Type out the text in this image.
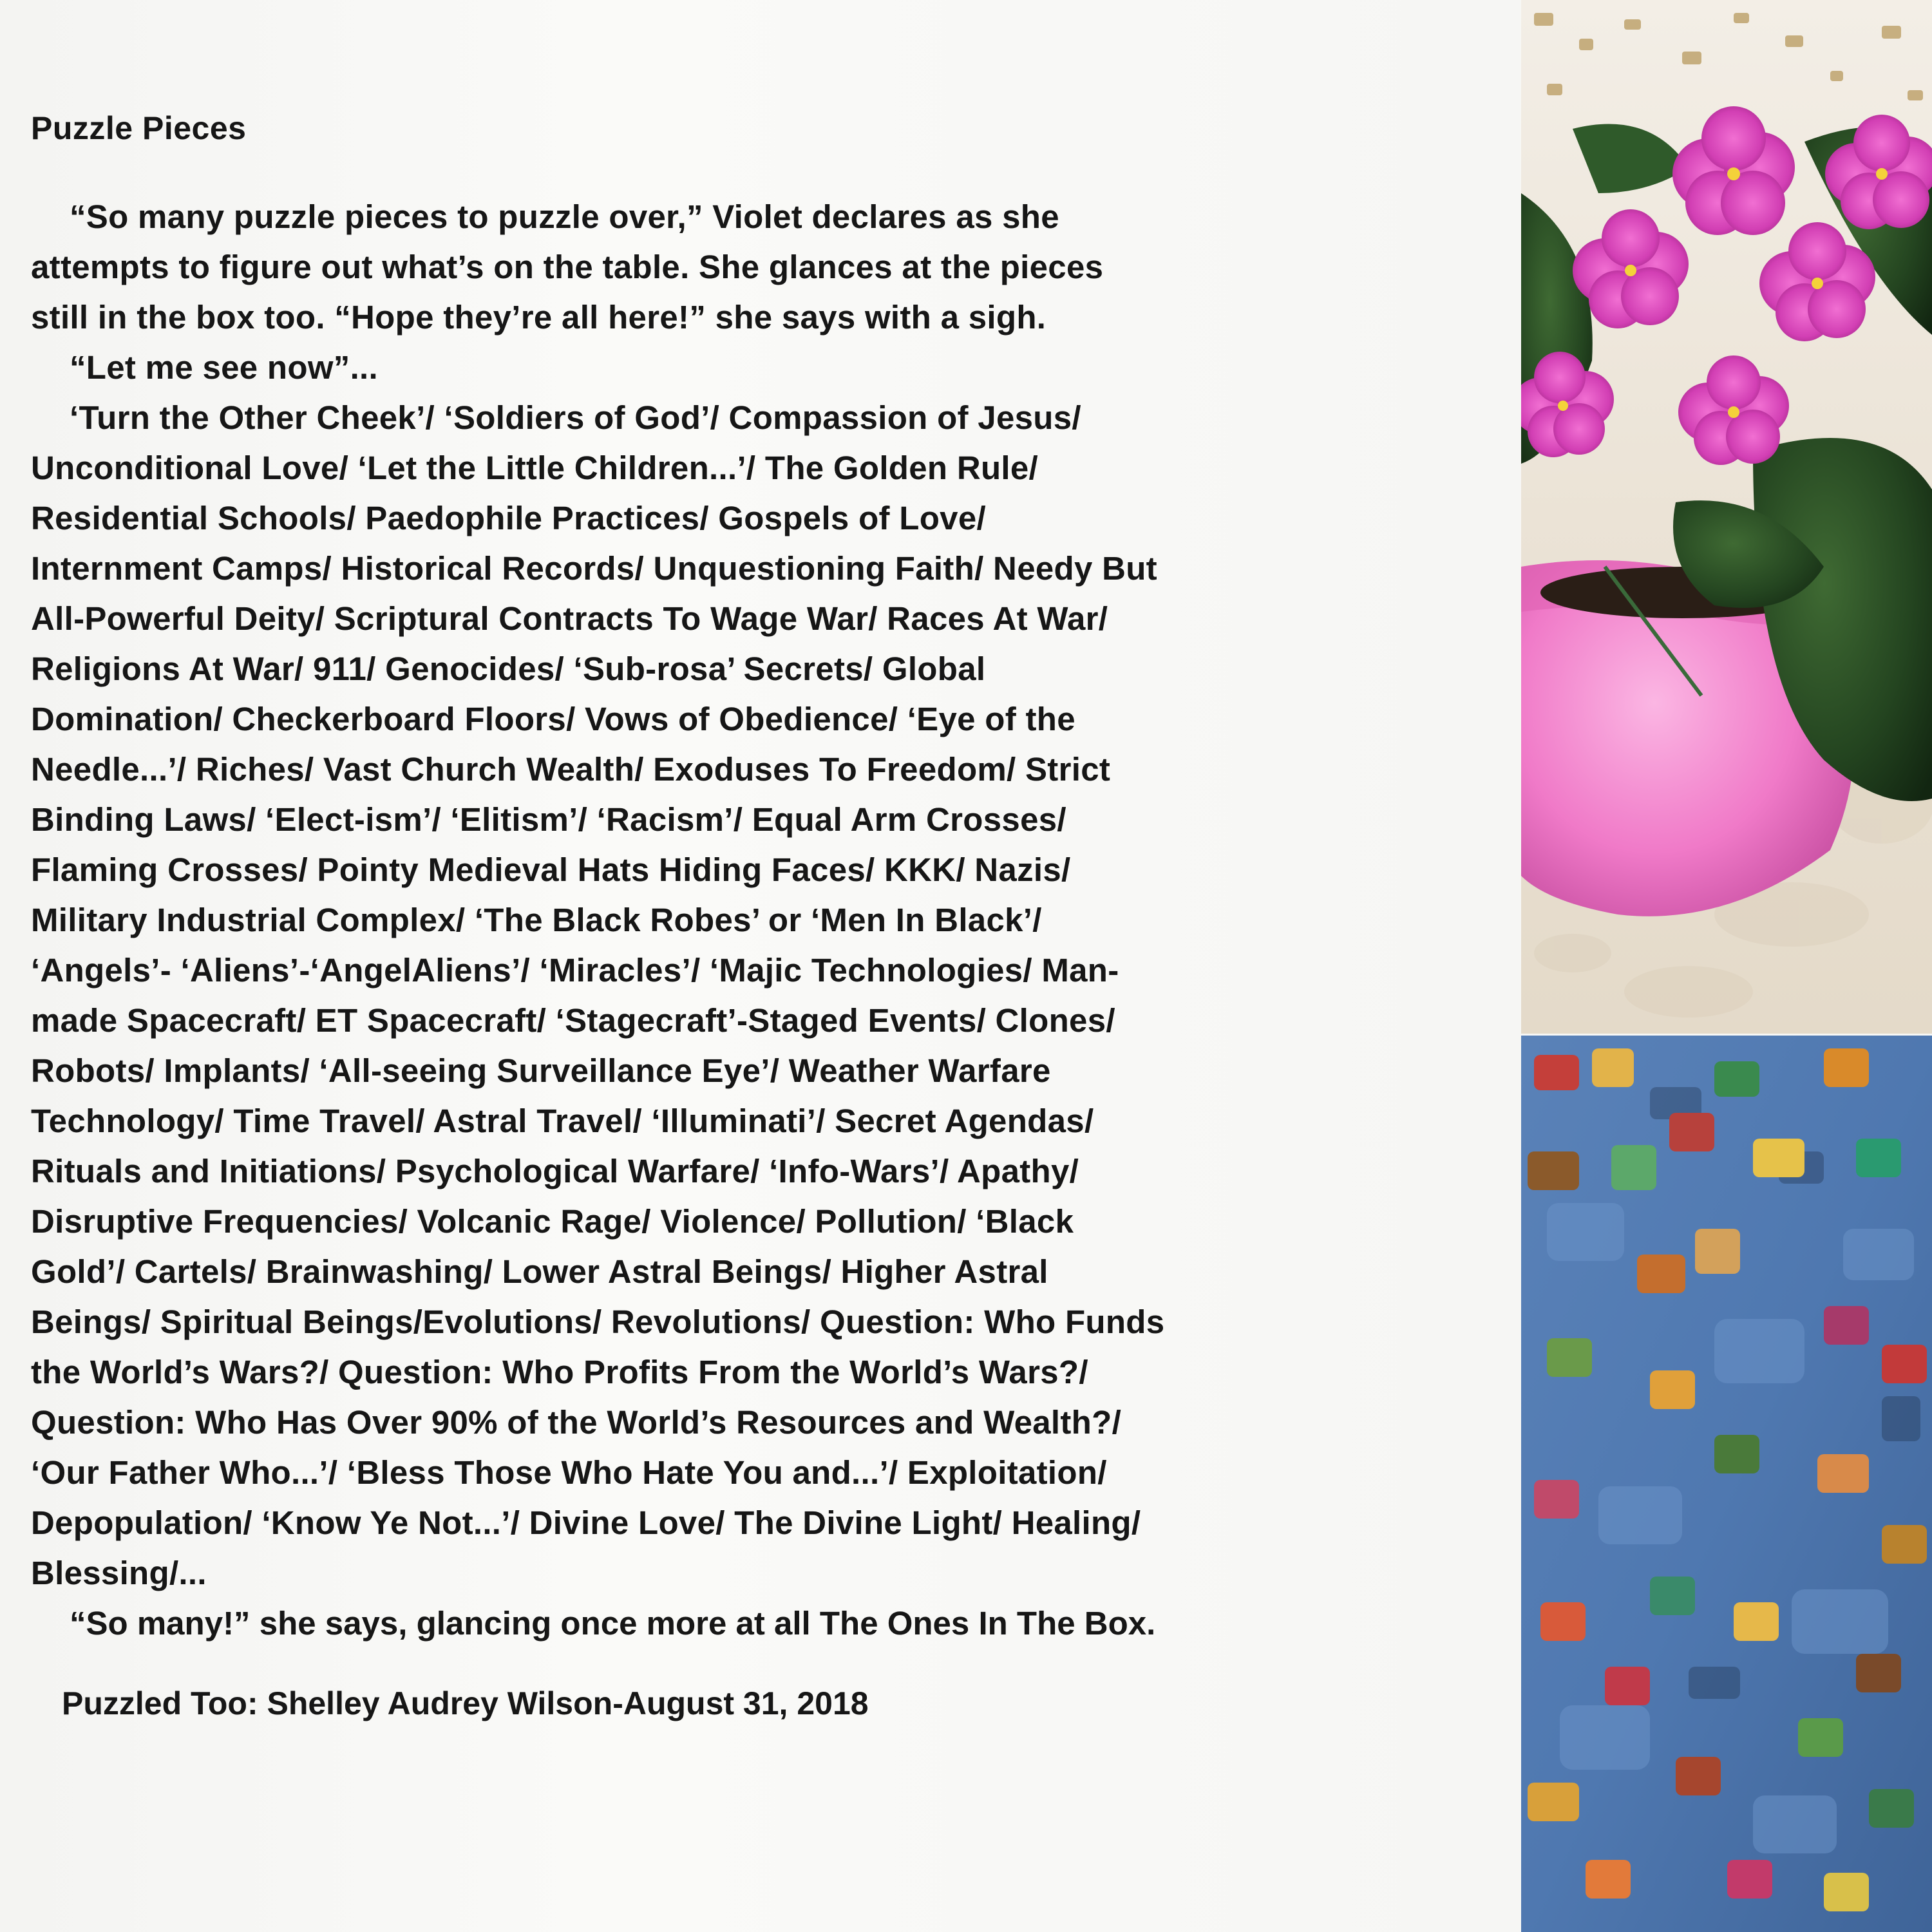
Puzzle Pieces

“So many puzzle pieces to puzzle over,” Violet declares as she

attempts to figure out what’s on the table. She glances at the pieces

still in the box too. “Hope they’re all here!” she says with a sigh.

“Let me see now”...

‘Turn the Other Cheek’/ ‘Soldiers of God’/ Compassion of Jesus/

Unconditional Love/ ‘Let the Little Children...’/ The Golden Rule/

Residential Schools/ Paedophile Practices/ Gospels of Love/

Internment Camps/ Historical Records/ Unquestioning Faith/ Needy But

All-Powerful Deity/ Scriptural Contracts To Wage War/ Races At War/

Religions At War/ 911/ Genocides/ ‘Sub-rosa’ Secrets/ Global

Domination/ Checkerboard Floors/ Vows of Obedience/ ‘Eye of the

Needle...’/ Riches/ Vast Church Wealth/ Exoduses To Freedom/ Strict

Binding Laws/ ‘Elect-ism’/ ‘Elitism’/ ‘Racism’/ Equal Arm Crosses/

Flaming Crosses/ Pointy Medieval Hats Hiding Faces/ KKK/ Nazis/

Military Industrial Complex/ ‘The Black Robes’ or ‘Men In Black’/

‘Angels’- ‘Aliens’-‘AngelAliens’/ ‘Miracles’/ ‘Majic Technologies/ Man-

made Spacecraft/ ET Spacecraft/ ‘Stagecraft’-Staged Events/ Clones/

Robots/ Implants/ ‘All-seeing Surveillance Eye’/ Weather Warfare

Technology/ Time Travel/ Astral Travel/ ‘Illuminati’/ Secret Agendas/

Rituals and Initiations/ Psychological Warfare/ ‘Info-Wars’/ Apathy/

Disruptive Frequencies/ Volcanic Rage/ Violence/ Pollution/ ‘Black

Gold’/ Cartels/ Brainwashing/ Lower Astral Beings/ Higher Astral

Beings/ Spiritual Beings/Evolutions/ Revolutions/ Question: Who Funds

the World’s Wars?/ Question: Who Profits From the World’s Wars?/

Question: Who Has Over 90% of the World’s Resources and Wealth?/

‘Our Father Who...’/ ‘Bless Those Who Hate You and...’/ Exploitation/

Depopulation/ ‘Know Ye Not...’/ Divine Love/ The Divine Light/ Healing/

Blessing/...

“So many!” she says, glancing once more at all The Ones In The Box.

Puzzled Too: Shelley Audrey Wilson-August 31, 2018
